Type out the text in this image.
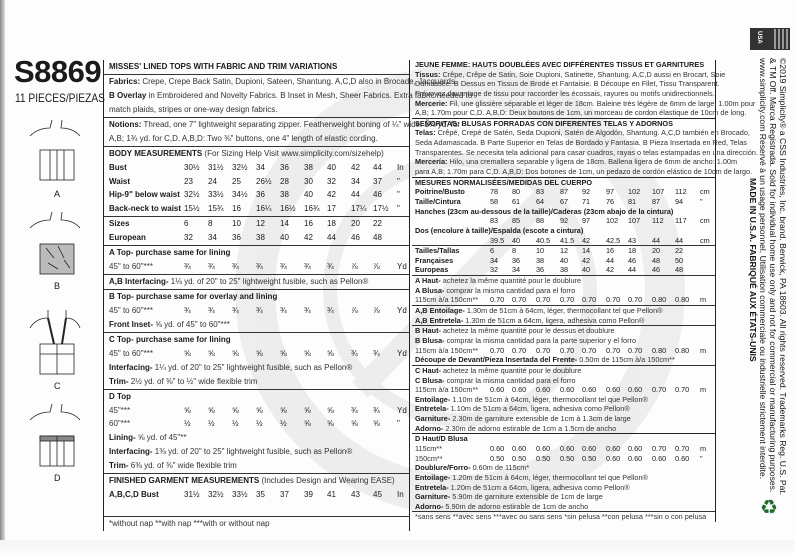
S8869
11 PIECES/PIEZAS
A
B
C
D
MISSES' LINED TOPS WITH FABRIC AND TRIM VARIATIONS
Fabrics: Crepe, Crepe Back Satin, Dupioni, Sateen, Shantung. A,C,D also in Brocade, Jacquards.
B Overlay in Embroidered and Novelty Fabrics. B Inset in Mesh, Sheer Fabrics. Extra fabric needed to
match plaids, stripes or one-way design fabrics.
Notions: Thread, one 7" lightweight separating zipper. Featherweight boning of ¼" wide: 1⅛ yd. for
A,B; 1¾ yd. for C,D. A,B,D: Two ⅜" buttons, one 4" length of elastic cording.
BODY MEASUREMENTS (For Sizing Help Visit www.simplicity.com/sizehelp)
Bust	30½ 31½ 32½ 34 36 38 40 42 44 In
Waist	23 24 25 26½ 28 30 32 34 37 "
Hip-9" below waist 32½ 33½ 34½ 36 38 40 42 44 46 "
Back-neck to waist 15½ 15¾ 16 16¼ 16½ 16¾ 17 17¼ 17½ "
Sizes	6 8 10 12 14 16 18 20 22
European	32 34 36 38 40 42 44 46 48
A Top- purchase same for lining
45" to 60"***	¾ ¾ ¾ ¾ ¾ ¾ ¾ ⅞ ⅞ Yd
A,B Interfacing- 1⅛ yd. of 20" to 25" lightweight fusible, such as Pellon®
B Top- purchase same for overlay and lining
45" to 60"***	¾ ¾ ¾ ¾ ¾ ¾ ¾ ⅞ ⅞ Yd
Front Inset- ⅝ yd. of 45" to 60"***
C Top- purchase same for lining
45" to 60"***	⅝ ⅝ ⅝ ⅝ ⅝ ⅝ ⅝ ¾ ¾ Yd
Interfacing- 1¼ yd. of 20" to 25" lightweight fusible, such as Pellon®
Trim- 2½ yd. of ⅜" to ½" wide flexible trim
D Top
45"***	⅝ ⅝ ⅝ ⅝ ⅝ ⅝ ⅝ ¾ ¾ Yd
60"***	½ ½ ½ ½ ½ ⅝ ⅝ ⅝ ⅝ "
Lining- ⅝ yd. of 45"**
Interfacing- 1⅜ yd. of 20" to 25" lightweight fusible, such as Pellon®
Trim- 6⅜ yd. of ⅜" wide flexible trim
FINISHED GARMENT MEASUREMENTS (Includes Design and Wearing EASE)
A,B,C,D Bust	31½ 32½ 33½ 35 37 39 41 43 45 In
*without nap **with nap ***with or without nap
JEUNE FEMME: HAUTS DOUBLÉES AVEC DIFFÉRENTES TISSUS ET GARNITURES
Tissus: Crêpe, Crêpe de Satin, Soie Dupioni, Satinette, Shantung. A,C,D aussi en Brocart, Soie
Damassée. B Dessus en Tissus de Brodé et Fantaisie. B Découpe en Filet, Tissu Transparent.
Prévoyez davantage de tissu pour raccorder les écossais, rayures ou motifs unidirectionnels.
Mercerie: Fil, une glissière séparable et léger de 18cm. Baleine très légère de 6mm de large: 1.00m pour
A,B; 1.70m pour C,D. A,B,D: Deux boutons de 1cm, un morceau de cordon élastique de 10cm de long.
SEÑORITAS: BLUSAS FORRADAS CON DIFERENTES TELAS Y ADORNOS
Telas: Crêpé, Crepé de Satén, Seda Dupioni, Satén de Algodón, Shantung. A,C,D también en Brocado,
Seda Adamascada. B Parte Superior en Telas de Bordado y Fantasia. B Pieza Insertada en Red, Telas
Transparentes. Se necesita tela adicional para casar cuadros, rayas o telas estampadas en una dirección.
Mercería: Hilo, una cremallera separable y ligera de 18cm. Ballena ligera de 6mm de ancho: 1.00m
para A,B; 1.70m para C,D. A,B,D: Dos botones de 1cm, un pedazo de cordón elástico de 10cm de largo.
MESURES NORMALISÉES/MEDIDAS DEL CUERPO
Poitrine/Busto	78 80 83 87 92 97 102 107 112 cm
Taille/Cintura	58 61 64 67 71 76 81 87 94 "
Hanches (23cm au-dessous de la taille)/Caderas (23cm abajo de la cintura)
83 85 88 92 97 102 107 112 117 cm
Dos (encolure à taille)/Espalda (escote a cintura)
39.5 40 40.5 41.5 42 42.5 43 44 44 cm
Tailles/Tallas	6 8	10 12 14 16 18 20 22
Françaises	34 36 38 40 42 44 46 48 50
Europeas	32 34 36 38 40 42 44 46 48
A Haut- achetez la même quantité pour le doublure
A Blusa- comprar la misma cantidad para el forro
115cm à/a 150cm** 0.70 0.70 0.70 0.70 0.70 0.70 0.70 0.80 0.80 m
A,B Entoilage- 1.30m de 51cm à 64cm, léger, thermocollant tel que Pellon®
A,B Entretela- 1.30m de 51cm a 64cm, ligera, adhesiva como Pellon®
B Haut- achetez la même quantité pour le dessus et doublure
B Blusa- comprar la misma cantidad para la parte superior y el forro
115cm à/a 150cm** 0.70 0.70 0.70 0.70 0.70 0.70 0.70 0.80 0.80 m
Découpe de Devant/Pieza Insertada del Frente- 0.50m de 115cm à/a 150cm**
C Haut- achetez la même quantité pour le doublure
C Blusa- comprar la misma cantidad para el forro
115cm à/a 150cm** 0.60 0.60 0.60 0.60 0.60 0.60 0.60 0.70 0.70 m
Entoilage- 1.10m de 51cm à 64cm, léger, thermocollant tel que Pellon®
Entretela- 1.10m de 51cm a 64cm, ligera, adhesiva como Pellon®
Garniture- 2.30m de garniture extensible de 1cm à 1.3cm de large
Adorno- 2.30m de adorno estirable de 1cm a 1.5cm de ancho
D Haut/D Blusa
115cm**	0.60 0.60 0.60 0.60 0.60 0.60 0.60 0.70 0.70 m
150cm**	0.50 0.50 0.50 0.50 0.50 0.60 0.60 0.60 0.60 "
Doublure/Forro- 0.60m de 115cm*
Entoilage- 1.20m de 51cm à 64cm, léger, thermocollant tel que Pellon®
Entretela- 1.20m de 51cm a 64cm, ligera, adhesiva como Pellon®
Garniture- 5.90m de garniture extensible de 1cm de large
Adorno- 5.90m de adorno estirable de 1cm de ancho
*sans sens **avec sens ***avec ou sans sens *sin pelusa **con pelusa ***sin o con pelusa
USA
©2019 Simplicity® a CSS Industries, Inc. brand. Berwick, PA 18603. All rights reserved. Trademarks Reg. U.S. Pat.
& TM Off. Marca Registrada. Sold for individual home use only and not for commercial or manufacturing purposes.
www.simplicity.com Reservé à un usage personnel. Utilisation commerciale ou industrielle strictement interdite.
MADE IN U.S.A. FABRIQUÉ AUX ÉTATS-UNIS
♻
